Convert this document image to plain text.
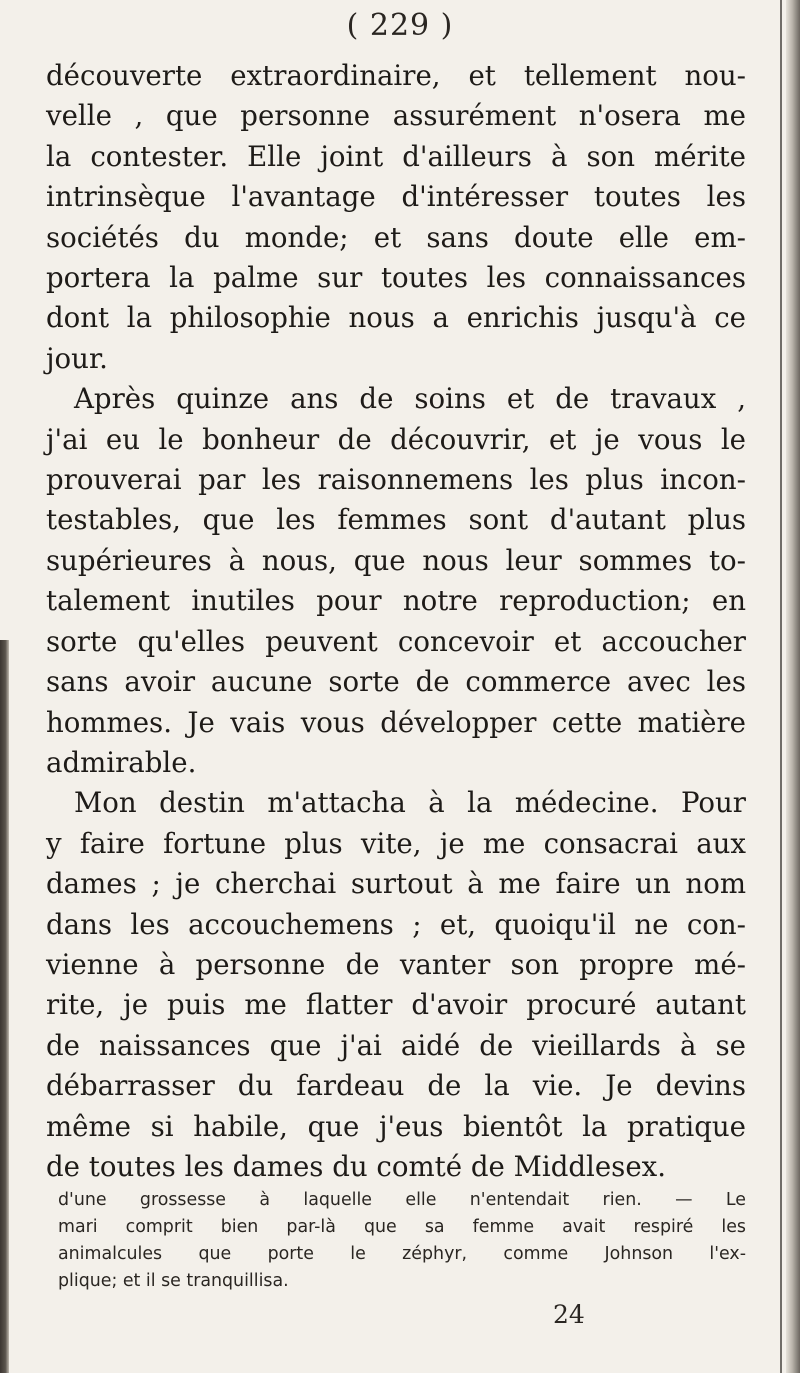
( 229 )
découverte extraordinaire, et tellement nou-
velle , que personne assurément n'osera me
la contester. Elle joint d'ailleurs à son mérite
intrinsèque l'avantage d'intéresser toutes les
sociétés du monde; et sans doute elle em-
portera la palme sur toutes les connaissances
dont la philosophie nous a enrichis jusqu'à ce
jour.
Après quinze ans de soins et de travaux ,
j'ai eu le bonheur de découvrir, et je vous le
prouverai par les raisonnemens les plus incon-
testables, que les femmes sont d'autant plus
supérieures à nous, que nous leur sommes to-
talement inutiles pour notre reproduction; en
sorte qu'elles peuvent concevoir et accoucher
sans avoir aucune sorte de commerce avec les
hommes. Je vais vous développer cette matière
admirable.
Mon destin m'attacha à la médecine. Pour
y faire fortune plus vite, je me consacrai aux
dames ; je cherchai surtout à me faire un nom
dans les accouchemens ; et, quoiqu'il ne con-
vienne à personne de vanter son propre mé-
rite, je puis me flatter d'avoir procuré autant
de naissances que j'ai aidé de vieillards à se
débarrasser du fardeau de la vie. Je devins
même si habile, que j'eus bientôt la pratique
de toutes les dames du comté de Middlesex.
d'une grossesse à laquelle elle n'entendait rien. — Le
mari comprit bien par-là que sa femme avait respiré les
animalcules que porte le zéphyr, comme Johnson l'ex-
plique; et il se tranquillisa.
24
